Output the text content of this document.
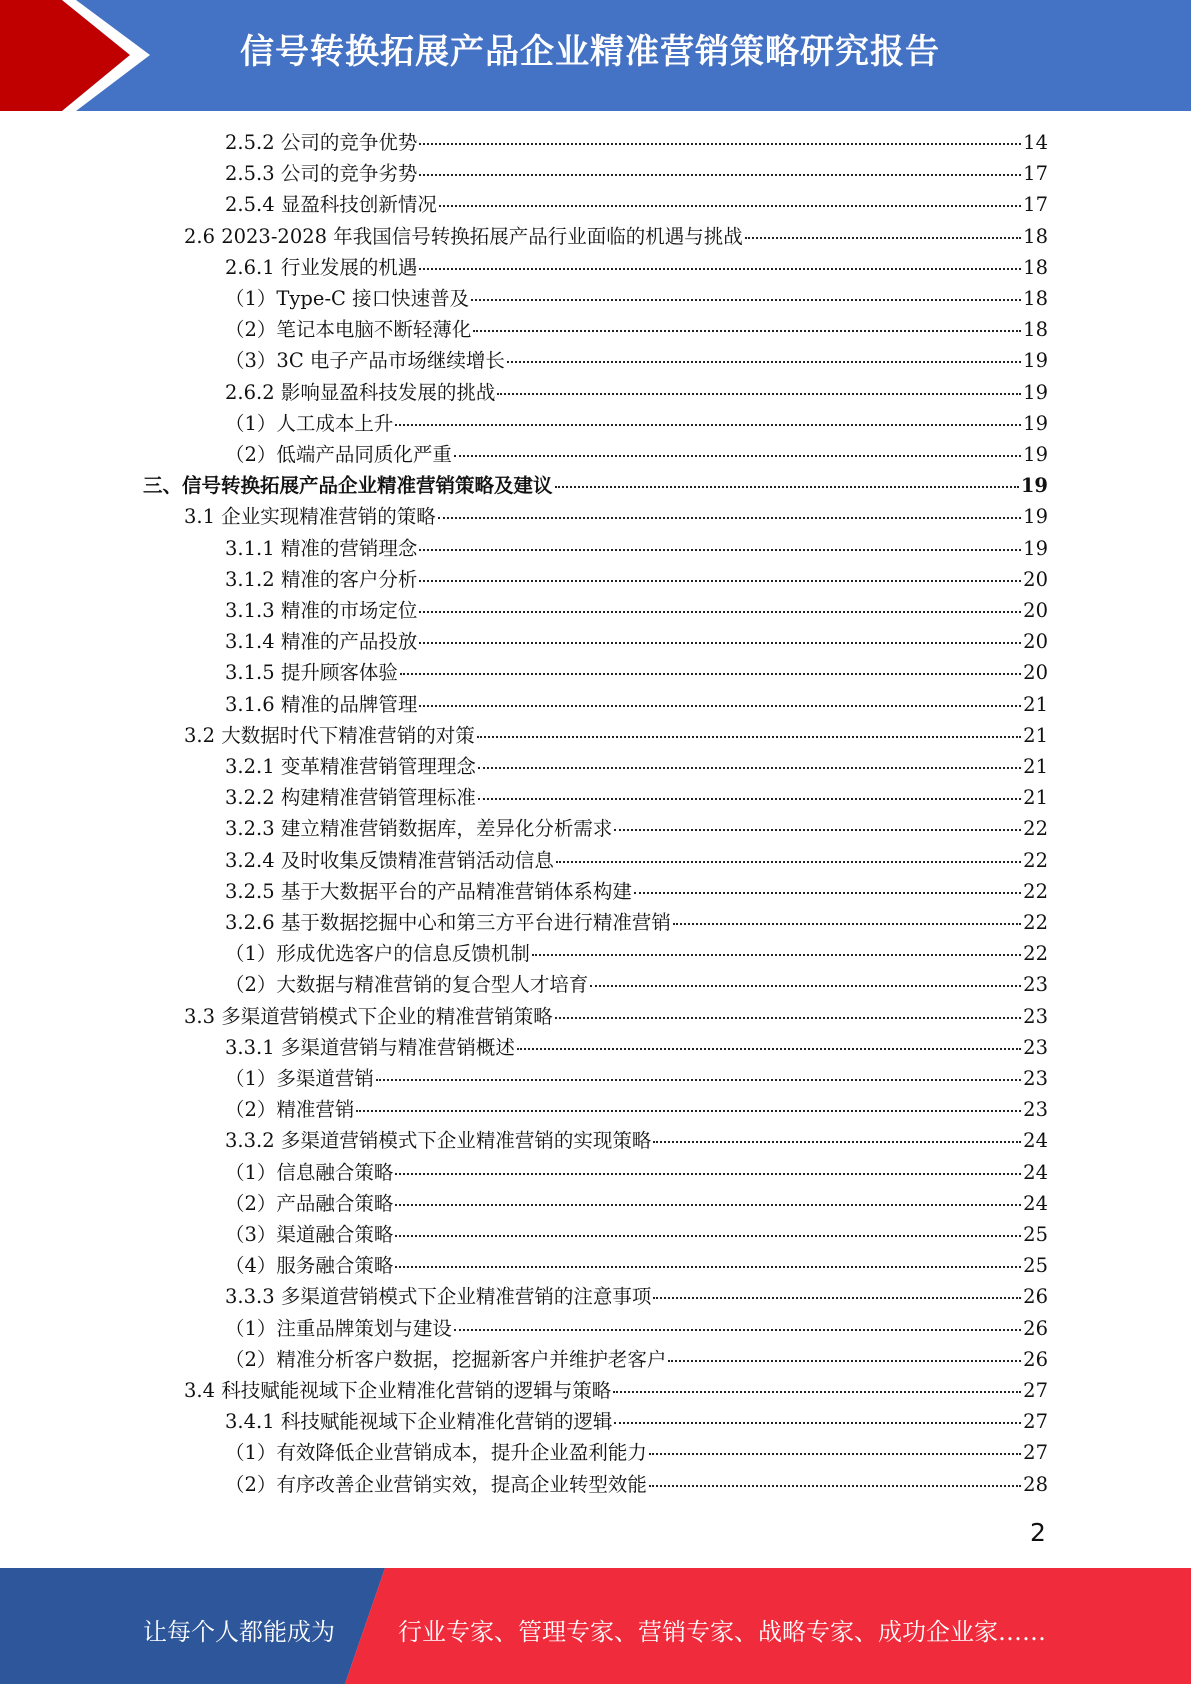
信号转换拓展产品企业精准营销策略研究报告
2.5.2 公司的竞争优势	14
2.5.3 公司的竞争劣势	17
2.5.4 显盈科技创新情况	17
2.6 2023-2028 年我国信号转换拓展产品行业面临的机遇与挑战	18
2.6.1 行业发展的机遇	18
（1）Type-C 接口快速普及	18
（2）笔记本电脑不断轻薄化	18
（3）3C 电子产品市场继续增长	19
2.6.2 影响显盈科技发展的挑战	19
（1）人工成本上升	19
（2）低端产品同质化严重	19
三、信号转换拓展产品企业精准营销策略及建议	19
3.1 企业实现精准营销的策略	19
3.1.1 精准的营销理念	19
3.1.2 精准的客户分析	20
3.1.3 精准的市场定位	20
3.1.4 精准的产品投放	20
3.1.5 提升顾客体验	20
3.1.6 精准的品牌管理	21
3.2 大数据时代下精准营销的对策	21
3.2.1 变革精准营销管理理念	21
3.2.2 构建精准营销管理标准	21
3.2.3 建立精准营销数据库，差异化分析需求	22
3.2.4 及时收集反馈精准营销活动信息	22
3.2.5 基于大数据平台的产品精准营销体系构建	22
3.2.6 基于数据挖掘中心和第三方平台进行精准营销	22
（1）形成优选客户的信息反馈机制	22
（2）大数据与精准营销的复合型人才培育	23
3.3 多渠道营销模式下企业的精准营销策略	23
3.3.1 多渠道营销与精准营销概述	23
（1）多渠道营销	23
（2）精准营销	23
3.3.2 多渠道营销模式下企业精准营销的实现策略	24
（1）信息融合策略	24
（2）产品融合策略	24
（3）渠道融合策略	25
（4）服务融合策略	25
3.3.3 多渠道营销模式下企业精准营销的注意事项	26
（1）注重品牌策划与建设	26
（2）精准分析客户数据，挖掘新客户并维护老客户	26
3.4 科技赋能视域下企业精准化营销的逻辑与策略	27
3.4.1 科技赋能视域下企业精准化营销的逻辑	27
（1）有效降低企业营销成本，提升企业盈利能力	27
（2）有序改善企业营销实效，提高企业转型效能	28
2
让每个人都能成为	行业专家、管理专家、营销专家、战略专家、成功企业家……
